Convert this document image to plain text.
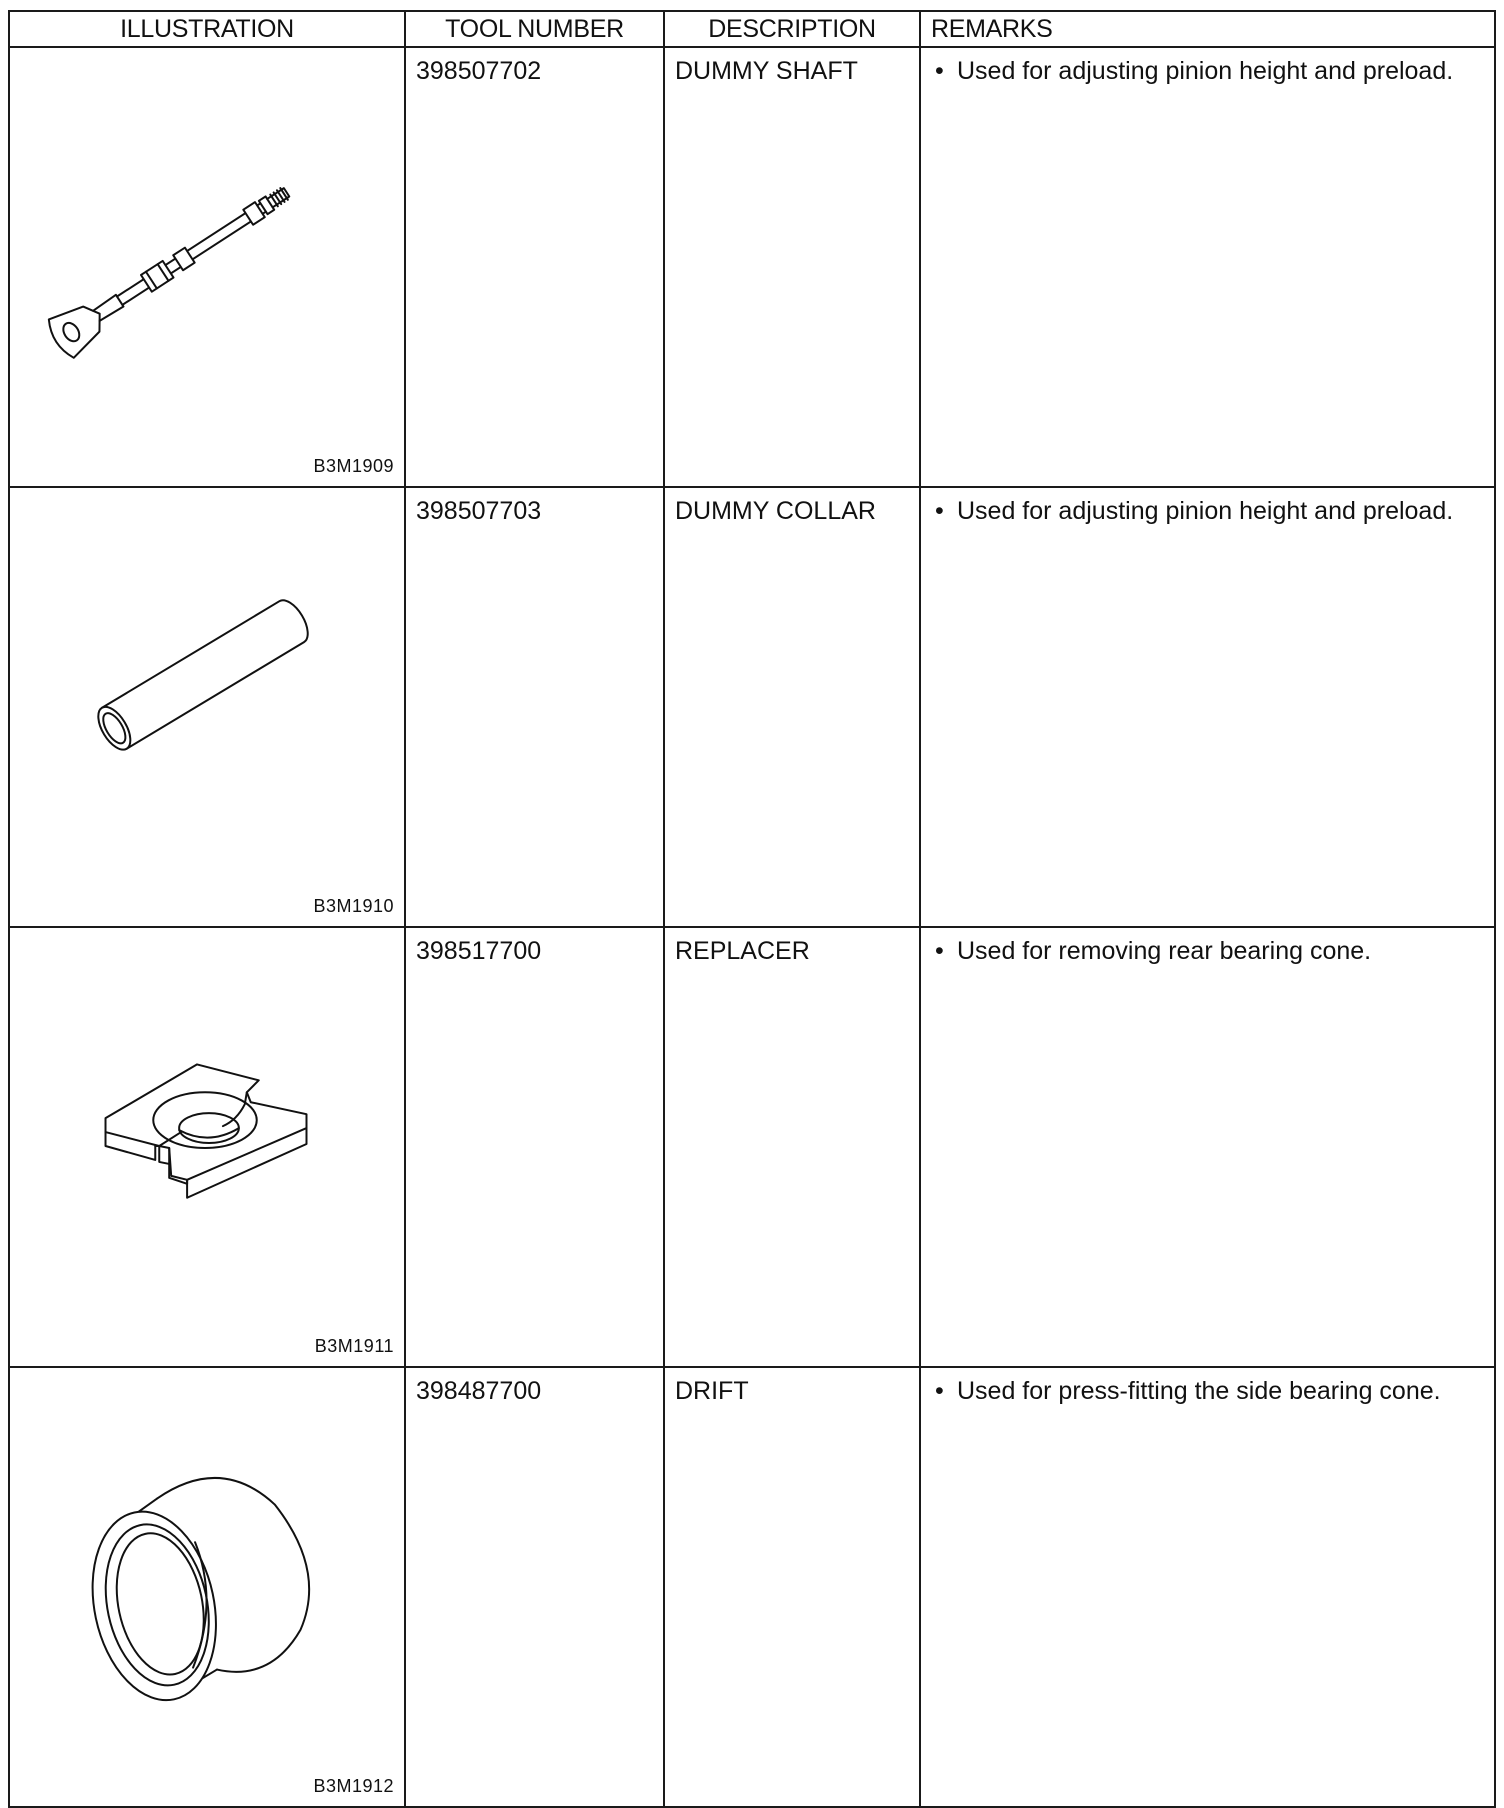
ILLUSTRATION	TOOL NUMBER	DESCRIPTION	REMARKS

B3M1909	398507702	DUMMY SHAFT	• Used for adjusting pinion height and preload.

B3M1910	398507703	DUMMY COLLAR	• Used for adjusting pinion height and preload.

B3M1911	398517700	REPLACER	• Used for removing rear bearing cone.

B3M1912	398487700	DRIFT	• Used for press-fitting the side bearing cone.
